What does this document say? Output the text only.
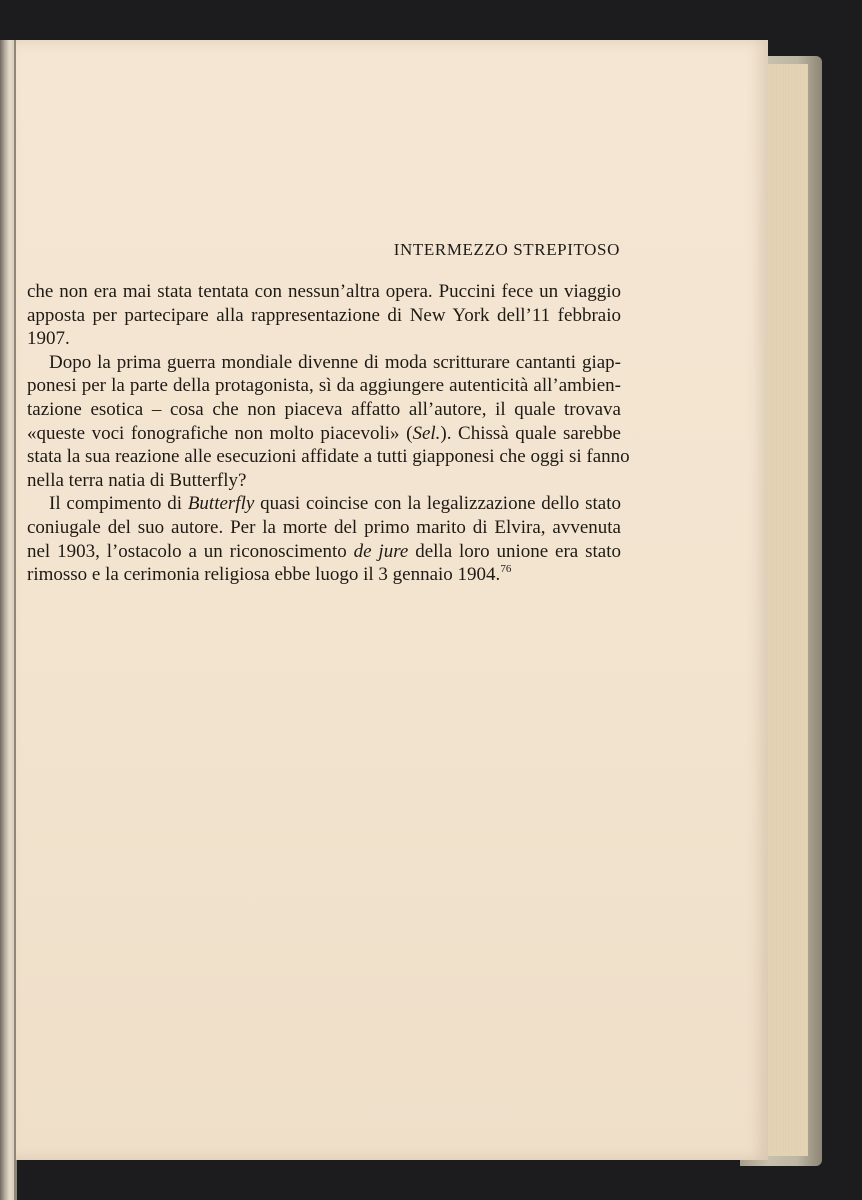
INTERMEZZO STREPITOSO
che non era mai stata tentata con nessun’altra opera. Puccini fece un viaggio
apposta per partecipare alla rappresentazione di New York dell’11 febbraio
1907.
Dopo la prima guerra mondiale divenne di moda scritturare cantanti giap-
ponesi per la parte della protagonista, sì da aggiungere autenticità all’ambien-
tazione esotica – cosa che non piaceva affatto all’autore, il quale trovava
«queste voci fonografiche non molto piacevoli» (Sel.). Chissà quale sarebbe
stata la sua reazione alle esecuzioni affidate a tutti giapponesi che oggi si fanno
nella terra natia di Butterfly?
Il compimento di Butterfly quasi coincise con la legalizzazione dello stato
coniugale del suo autore. Per la morte del primo marito di Elvira, avvenuta
nel 1903, l’ostacolo a un riconoscimento de jure della loro unione era stato
rimosso e la cerimonia religiosa ebbe luogo il 3 gennaio 1904.76
